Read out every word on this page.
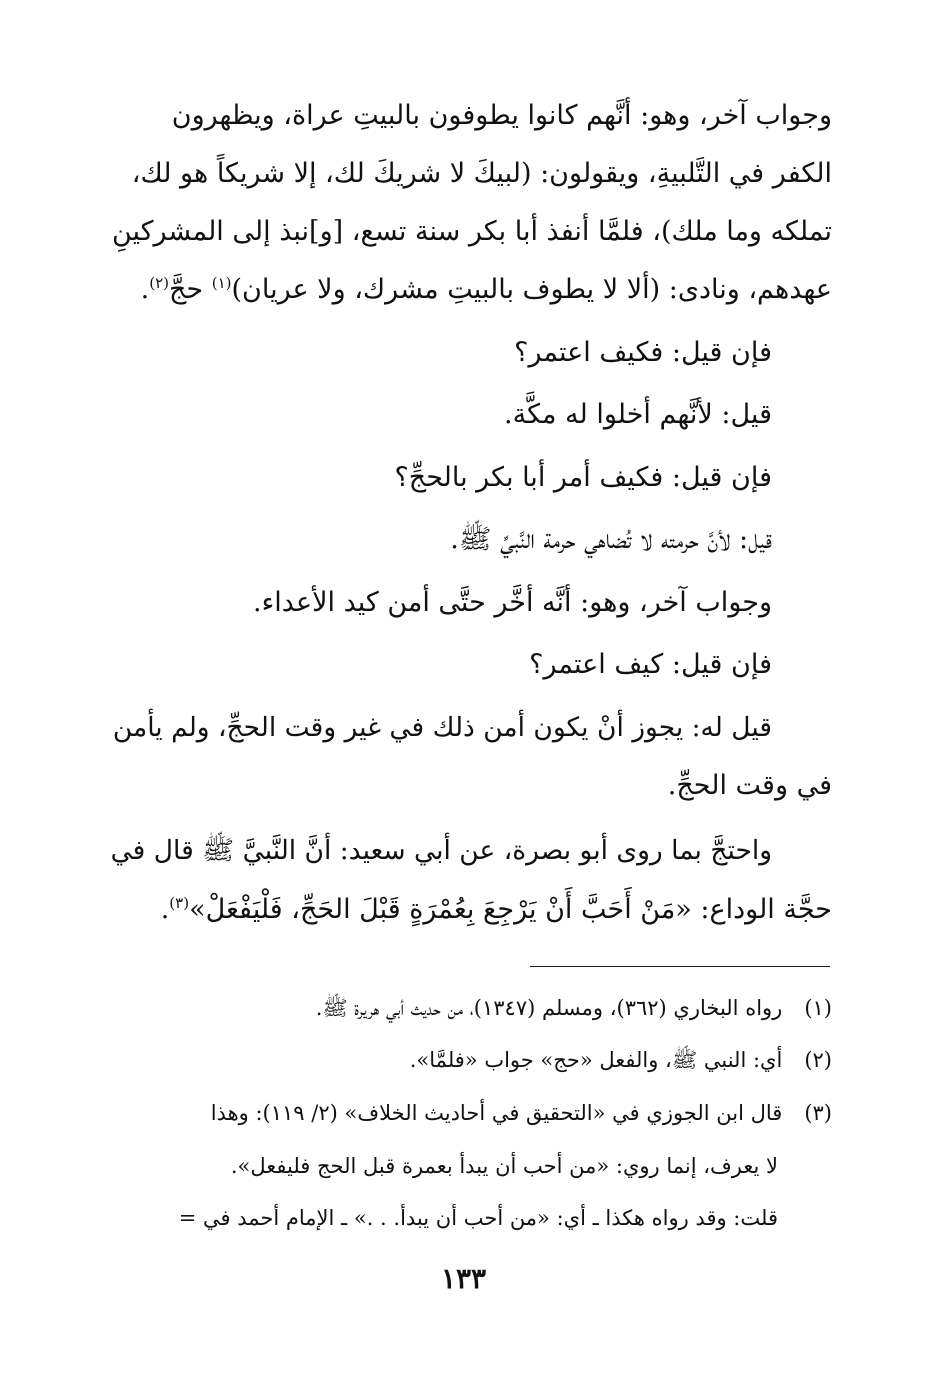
وجواب آخر، وهو: أنَّهم كانوا يطوفون بالبيتِ عراة، ويظهرون
الكفر في التَّلبيةِ، ويقولون: (لبيكَ لا شريكَ لك، إلا شريكاً هو لك،
تملكه وما ملك)، فلمَّا أنفذ أبا بكر سنة تسع، [و]نبذ إلى المشركينِ
عهدهم، ونادى: (ألا لا يطوف بالبيتِ مشرك، ولا عريان)$^{(١)}$ حجَّ$^{(٢)}$.
فإن قيل: فكيف اعتمر؟
قيل: لأنَّهم أخلوا له مكَّة.
فإن قيل: فكيف أمر أبا بكر بالحجِّ؟
قيل: لأنَّ حرمته لا تُضاهي حرمة النَّبيِّ ﷺ.
وجواب آخر، وهو: أنَّه أخَّر حتَّى أمن كيد الأعداء.
فإن قيل: كيف اعتمر؟
قيل له: يجوز أنْ يكون أمن ذلك في غير وقت الحجِّ، ولم يأمن
في وقت الحجِّ.
واحتجَّ بما روى أبو بصرة، عن أبي سعيد: أنَّ النَّبيَّ ﷺ قال في
حجَّة الوداع: «مَنْ أَحَبَّ أَنْ يَرْجِعَ بِعُمْرَةٍ قَبْلَ الحَجِّ، فَلْيَفْعَلْ»$^{(٣)}$.
(١)رواه البخاري (٣٦٢)، ومسلم (١٣٤٧)، من حديث أبي هريرة ﷺ.
(٢)أي: النبي ﷺ، والفعل «حج» جواب «فلمَّا».
(٣)قال ابن الجوزي في «التحقيق في أحاديث الخلاف» (٢/ ١١٩): وهذا
لا يعرف، إنما روي: «من أحب أن يبدأ بعمرة قبل الحج فليفعل».
قلت: وقد رواه هكذا ـ أي: «من أحب أن يبدأ. . .» ـ الإمام أحمد في =
١٣٣
